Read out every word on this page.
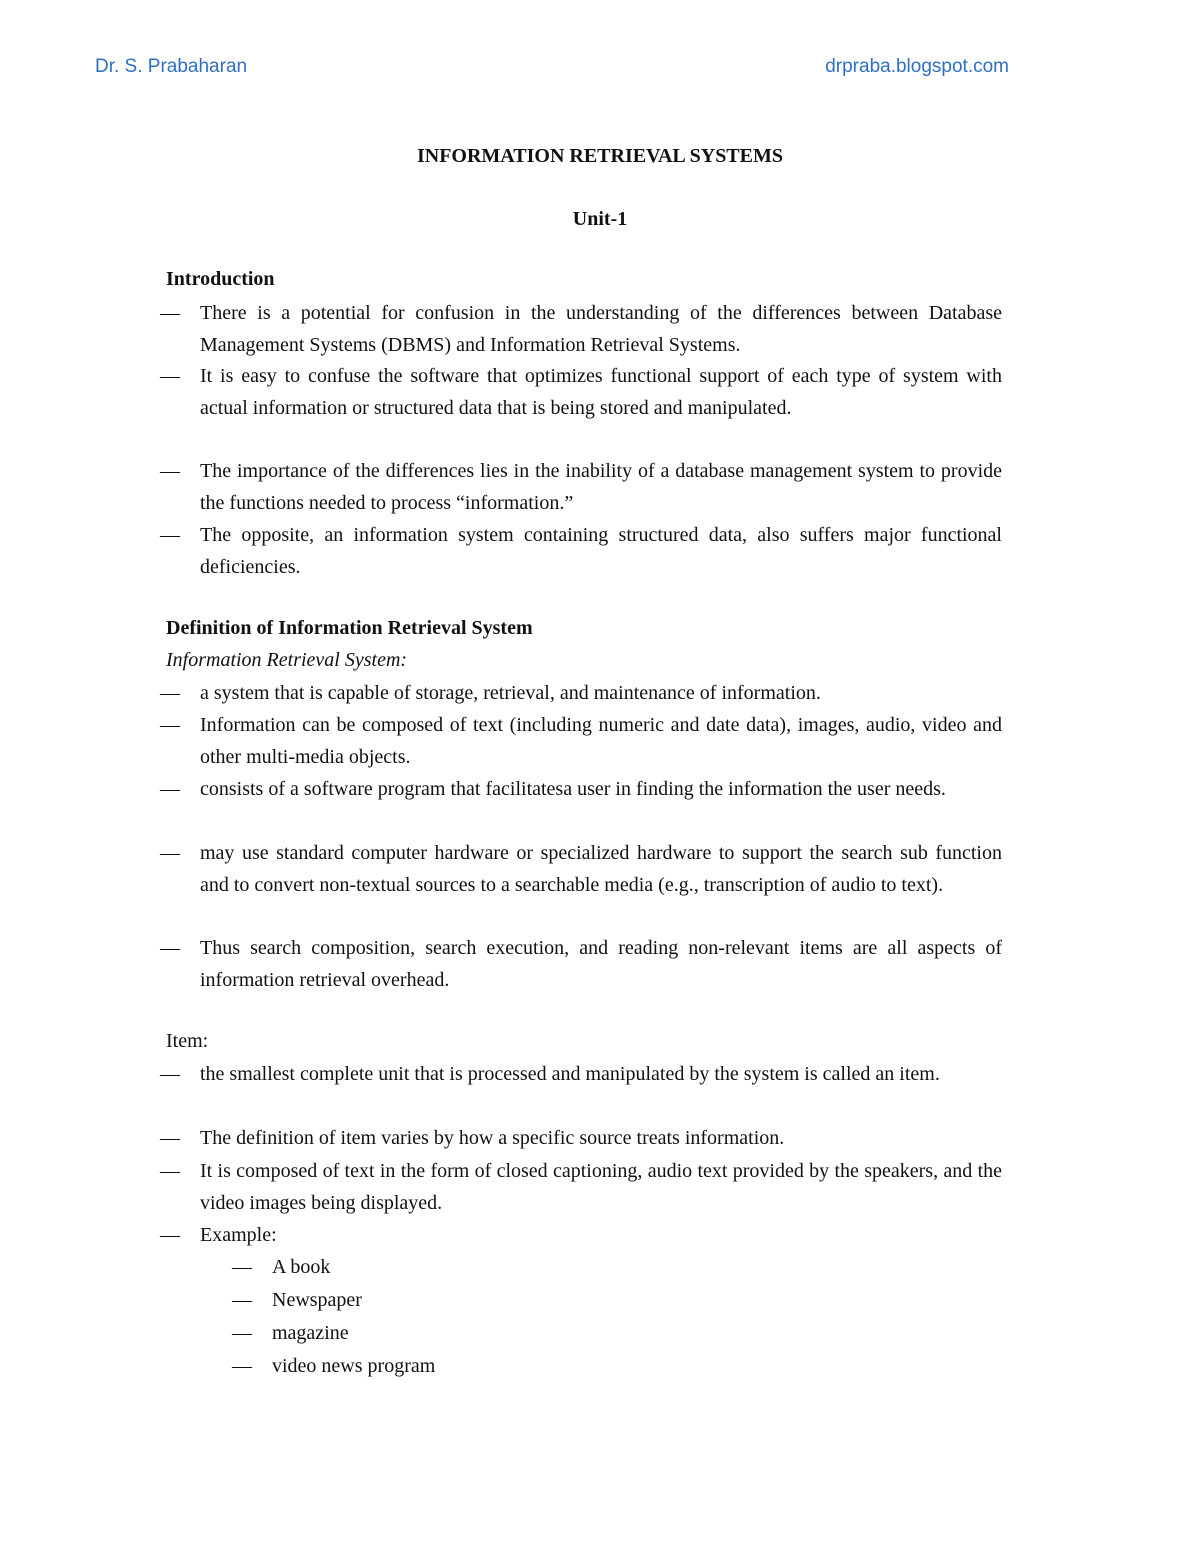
Dr. S. Prabaharan	drpraba.blogspot.com
INFORMATION RETRIEVAL SYSTEMS
Unit-1
Introduction
— There is a potential for confusion in the understanding of the differences between Database Management Systems (DBMS) and Information Retrieval Systems.
— It is easy to confuse the software that optimizes functional support of each type of system with actual information or structured data that is being stored and manipulated.
— The importance of the differences lies in the inability of a database management system to provide the functions needed to process “information.”
— The opposite, an information system containing structured data, also suffers major functional deficiencies.
Definition of Information Retrieval System
Information Retrieval System:
— a system that is capable of storage, retrieval, and maintenance of information.
— Information can be composed of text (including numeric and date data), images, audio, video and other multi-media objects.
— consists of a software program that facilitatesa user in finding the information the user needs.
— may use standard computer hardware or specialized hardware to support the search sub function and to convert non-textual sources to a searchable media (e.g., transcription of audio to text).
— Thus search composition, search execution, and reading non-relevant items are all aspects of information retrieval overhead.
Item:
— the smallest complete unit that is processed and manipulated by the system is called an item.
— The definition of item varies by how a specific source treats information.
— It is composed of text in the form of closed captioning, audio text provided by the speakers, and the video images being displayed.
— Example:
— A book
— Newspaper
— magazine
— video news program
